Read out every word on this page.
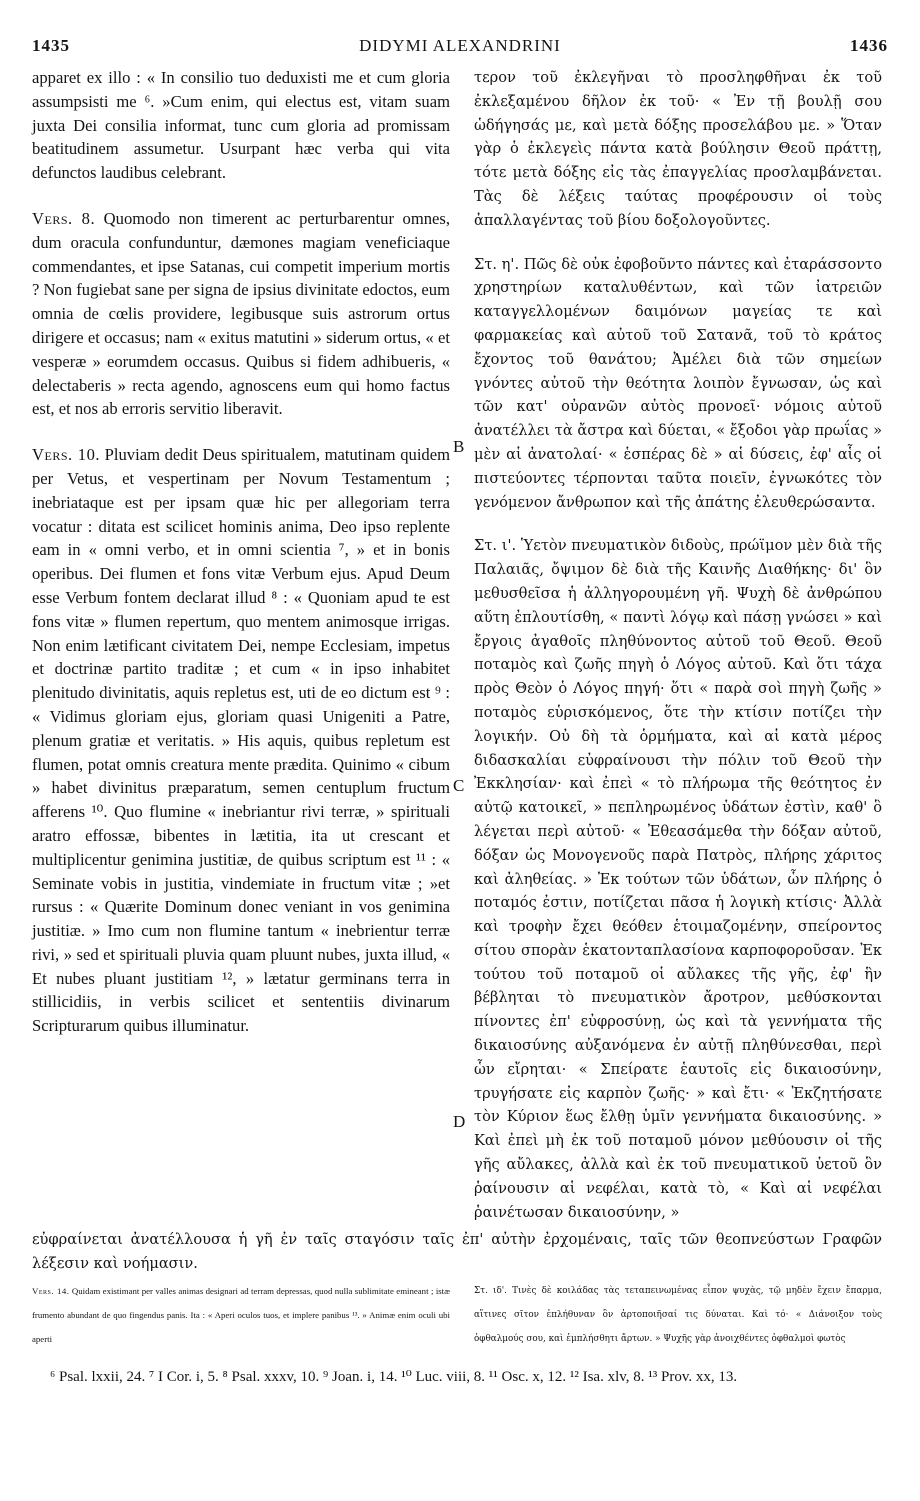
1435	DIDYMI ALEXANDRINI	1436

apparet ex illo : « In consilio tuo deduxisti me et cum gloria assumpsisti me ⁶. »Cum enim, qui electus est, vitam suam juxta Dei consilia informat, tunc cum gloria ad promissam beatitudinem assumetur. Usurpant hæc verba qui vita defunctos laudibus celebrant.

Vers. 8. Quomodo non timerent ac perturbarentur omnes, dum oracula confunduntur, dæmones magiam veneficiaque commendantes, et ipse Satanas, cui competit imperium mortis ? Non fugiebat sane per signa de ipsius divinitate edoctos, eum omnia de cœlis providere, legibusque suis astrorum ortus dirigere et occasus; nam « exitus matutini » siderum ortus, « et vesperæ » eorumdem occasus. Quibus si fidem adhibueris, « delectaberis » recta agendo, agnoscens eum qui homo factus est, et nos ab erroris servitio liberavit.

Vers. 10. Pluviam dedit Deus spiritualem, matutinam quidem per Vetus, et vespertinam per Novum Testamentum ; inebriataque est per ipsam quæ hic per allegoriam terra vocatur : ditata est scilicet hominis anima, Deo ipso replente eam in « omni verbo, et in omni scientia ⁷, » et in bonis operibus. Dei flumen et fons vitæ Verbum ejus. Apud Deum esse Verbum fontem declarat illud ⁸ : « Quoniam apud te est fons vitæ » flumen repertum, quo mentem animosque irrigas. Non enim lætificant civitatem Dei, nempe Ecclesiam, impetus et doctrinæ partito traditæ ; et cum « in ipso inhabitet plenitudo divinitatis, aquis repletus est, uti de eo dictum est ⁹ : « Vidimus gloriam ejus, gloriam quasi Unigeniti a Patre, plenum gratiæ et veritatis. » His aquis, quibus repletum est flumen, potat omnis creatura mente prædita. Quinimo « cibum » habet divinitus præparatum, semen centuplum fructum afferens ¹⁰. Quo flumine « inebriantur rivi terræ, » spirituali aratro effossæ, bibentes in lætitia, ita ut crescant et multiplicentur genimina justitiæ, de quibus scriptum est ¹¹ : « Seminate vobis in justitia, vindemiate in fructum vitæ ; »et rursus : « Quærite Dominum donec veniant in vos genimina justitiæ. » Imo cum non flumine tantum « inebrientur terræ rivi, » sed et spirituali pluvia quam pluunt nubes, juxta illud, « Et nubes pluant justitiam ¹², » lætatur germinans terra in stillicidiis, in verbis scilicet et sententiis divinarum Scripturarum quibus illuminatur.

τερον τοῦ ἐκλεγῆναι τὸ προσληφθῆναι ἐκ τοῦ ἐκλεξαμένου δῆλον ἐκ τοῦ· « Ἐν τῇ βουλῇ σου ὡδήγησάς με, καὶ μετὰ δόξης προσελάβου με. » Ὅταν γὰρ ὁ ἐκλεγεὶς πάντα κατὰ βούλησιν Θεοῦ πράττῃ, τότε μετὰ δόξης εἰς τὰς ἐπαγγελίας προσλαμβάνεται. Τὰς δὲ λέξεις ταύτας προφέρουσιν οἱ τοὺς ἀπαλλαγέντας τοῦ βίου δοξολογοῦντες.

Στ. η'. Πῶς δὲ οὐκ ἐφοβοῦντο πάντες καὶ ἐταράσσοντο χρηστηρίων καταλυθέντων, καὶ τῶν ἰατρειῶν καταγγελλομένων δαιμόνων μαγείας τε καὶ φαρμακείας καὶ αὐτοῦ τοῦ Σατανᾶ, τοῦ τὸ κράτος ἔχοντος τοῦ θανάτου; Ἀμέλει διὰ τῶν σημείων γνόντες αὐτοῦ τὴν θεότητα λοιπὸν ἔγνωσαν, ὡς καὶ τῶν κατ' οὐρανῶν αὐτὸς προνοεῖ· νόμοις αὐτοῦ ἀνατέλλει τὰ ἄστρα καὶ δύεται, « ἔξοδοι γὰρ πρωΐας » μὲν αἱ ἀνατολαί· « ἑσπέρας δὲ » αἱ δύσεις, ἐφ' αἷς οἱ πιστεύοντες τέρπονται ταῦτα ποιεῖν, ἐγνωκότες τὸν γενόμενον ἄνθρωπον καὶ τῆς ἀπάτης ἐλευθερώσαντα.

Στ. ι'. Ὑετὸν πνευματικὸν διδοὺς, πρώϊμον μὲν διὰ τῆς Παλαιᾶς, ὄψιμον δὲ διὰ τῆς Καινῆς Διαθήκης· δι' ὃν μεθυσθεῖσα ἡ ἀλληγορουμένη γῆ. Ψυχὴ δὲ ἀνθρώπου αὕτη ἐπλουτίσθη, « παντὶ λόγῳ καὶ πάσῃ γνώσει » καὶ ἔργοις ἀγαθοῖς πληθύνοντος αὐτοῦ τοῦ Θεοῦ. Θεοῦ ποταμὸς καὶ ζωῆς πηγὴ ὁ Λόγος αὐτοῦ. Καὶ ὅτι τάχα πρὸς Θεὸν ὁ Λόγος πηγή· ὅτι « παρὰ σοὶ πηγὴ ζωῆς » ποταμὸς εὑρισκόμενος, ὅτε τὴν κτίσιν ποτίζει τὴν λογικήν. Οὐ δὴ τὰ ὁρμήματα, καὶ αἱ κατὰ μέρος διδασκαλίαι εὐφραίνουσι τὴν πόλιν τοῦ Θεοῦ τὴν Ἐκκλησίαν· καὶ ἐπεὶ « τὸ πλήρωμα τῆς θεότητος ἐν αὐτῷ κατοικεῖ, » πεπληρωμένος ὑδάτων ἐστὶν, καθ' ὃ λέγεται περὶ αὐτοῦ· « Ἐθεασάμεθα τὴν δόξαν αὐτοῦ, δόξαν ὡς Μονογενοῦς παρὰ Πατρὸς, πλήρης χάριτος καὶ ἀληθείας. » Ἐκ τούτων τῶν ὑδάτων, ὧν πλήρης ὁ ποταμός ἐστιν, ποτίζεται πᾶσα ἡ λογικὴ κτίσις· Ἀλλὰ καὶ τροφὴν ἔχει θεόθεν ἑτοιμαζομένην, σπείροντος σίτου σπορὰν ἑκατονταπλασίονα καρποφοροῦσαν. Ἐκ τούτου τοῦ ποταμοῦ οἱ αὔλακες τῆς γῆς, ἐφ' ἣν βέβληται τὸ πνευματικὸν ἄροτρον, μεθύσκονται πίνοντες ἐπ' εὐφροσύνῃ, ὡς καὶ τὰ γεννήματα τῆς δικαιοσύνης αὐξανόμενα ἐν αὐτῇ πληθύνεσθαι, περὶ ὧν εἴρηται· « Σπείρατε ἑαυτοῖς εἰς δικαιοσύνην, τρυγήσατε εἰς καρπὸν ζωῆς· » καὶ ἔτι· « Ἐκζητήσατε τὸν Κύριον ἕως ἔλθῃ ὑμῖν γεννήματα δικαιοσύνης. » Καὶ ἐπεὶ μὴ ἐκ τοῦ ποταμοῦ μόνον μεθύουσιν οἱ τῆς γῆς αὔλακες, ἀλλὰ καὶ ἐκ τοῦ πνευματικοῦ ὑετοῦ ὃν ῥαίνουσιν αἱ νεφέλαι, κατὰ τὸ, « Καὶ αἱ νεφέλαι ῥαινέτωσαν δικαιοσύνην, »

B
C
D
εὐφραίνεται ἀνατέλλουσα ἡ γῆ ἐν ταῖς σταγόσιν ταῖς ἐπ' αὐτὴν ἐρχομέναις, ταῖς τῶν θεοπνεύστων Γραφῶν λέξεσιν καὶ νοήμασιν.

Vers. 14. Quidam existimant per valles animas designari ad terram depressas, quod nulla sublimitate emineant ; istæ frumento abundant de quo fingendus panis. Ita : « Aperi oculos tuos, et implere panibus ¹³. » Animæ enim oculi ubi aperti

Στ. ιδ'. Τινὲς δὲ κοιλάδας τὰς τεταπεινωμένας εἶπον ψυχὰς, τῷ μηδὲν ἔχειν ἔπαρμα, αἵτινες σῖτον ἐπλήθυναν ὃν ἀρτοποιῆσαί τις δύναται. Καὶ τό· « Διάνοιξον τοὺς ὀφθαλμούς σου, καὶ ἐμπλήσθητι ἄρτων. » Ψυχῆς γὰρ ἀνοιχθέντες ὀφθαλμοὶ φωτὸς

⁶ Psal. lxxii, 24. ⁷ I Cor. i, 5. ⁸ Psal. xxxv, 10. ⁹ Joan. i, 14. ¹⁰ Luc. viii, 8. ¹¹ Osc. x, 12. ¹² Isa. xlv, 8. ¹³ Prov. xx, 13.
